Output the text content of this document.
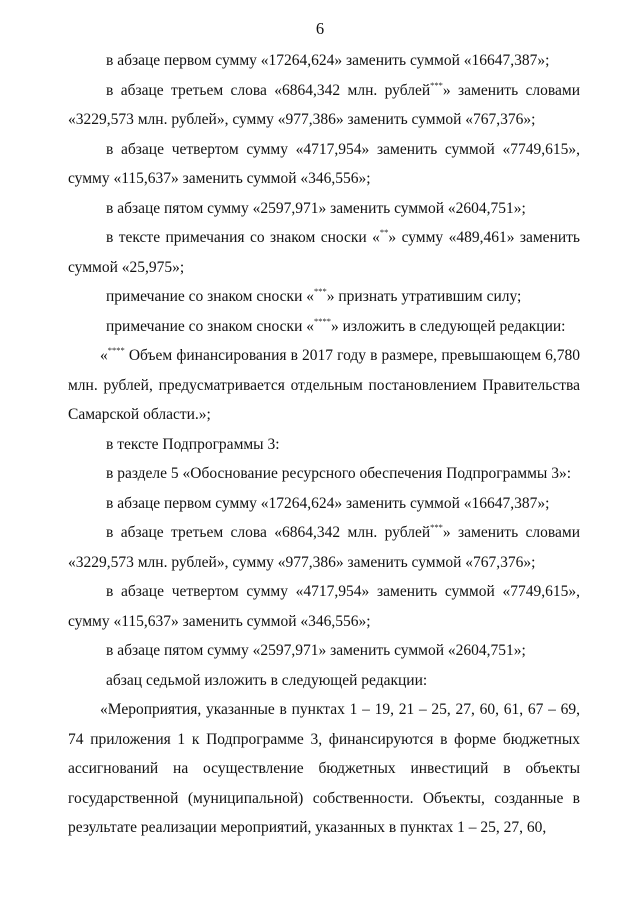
6

в абзаце первом сумму «17264,624» заменить суммой «16647,387»;

в абзаце третьем слова «6864,342 млн. рублей***» заменить словами «3229,573 млн. рублей», сумму «977,386» заменить суммой «767,376»;

в абзаце четвертом сумму «4717,954» заменить суммой «7749,615», сумму «115,637» заменить суммой «346,556»;

в абзаце пятом сумму «2597,971» заменить суммой «2604,751»;

в тексте примечания со знаком сноски «**» сумму «489,461» заменить суммой «25,975»;

примечание со знаком сноски «***» признать утратившим силу;

примечание со знаком сноски «****» изложить в следующей редакции:

«**** Объем финансирования в 2017 году в размере, превышающем 6,780 млн. рублей, предусматривается отдельным постановлением Правительства Самарской области.»;

в тексте Подпрограммы 3:

в разделе 5 «Обоснование ресурсного обеспечения Подпрограммы 3»:

в абзаце первом сумму «17264,624» заменить суммой «16647,387»;

в абзаце третьем слова «6864,342 млн. рублей***» заменить словами «3229,573 млн. рублей», сумму «977,386» заменить суммой «767,376»;

в абзаце четвертом сумму «4717,954» заменить суммой «7749,615», сумму «115,637» заменить суммой «346,556»;

в абзаце пятом сумму «2597,971» заменить суммой «2604,751»;

абзац седьмой изложить в следующей редакции:

«Мероприятия, указанные в пунктах 1 – 19, 21 – 25, 27, 60, 61, 67 – 69, 74 приложения 1 к Подпрограмме 3, финансируются в форме бюджетных ассигнований на осуществление бюджетных инвестиций в объекты государственной (муниципальной) собственности. Объекты, созданные в результате реализации мероприятий, указанных в пунктах 1 – 25, 27, 60,
